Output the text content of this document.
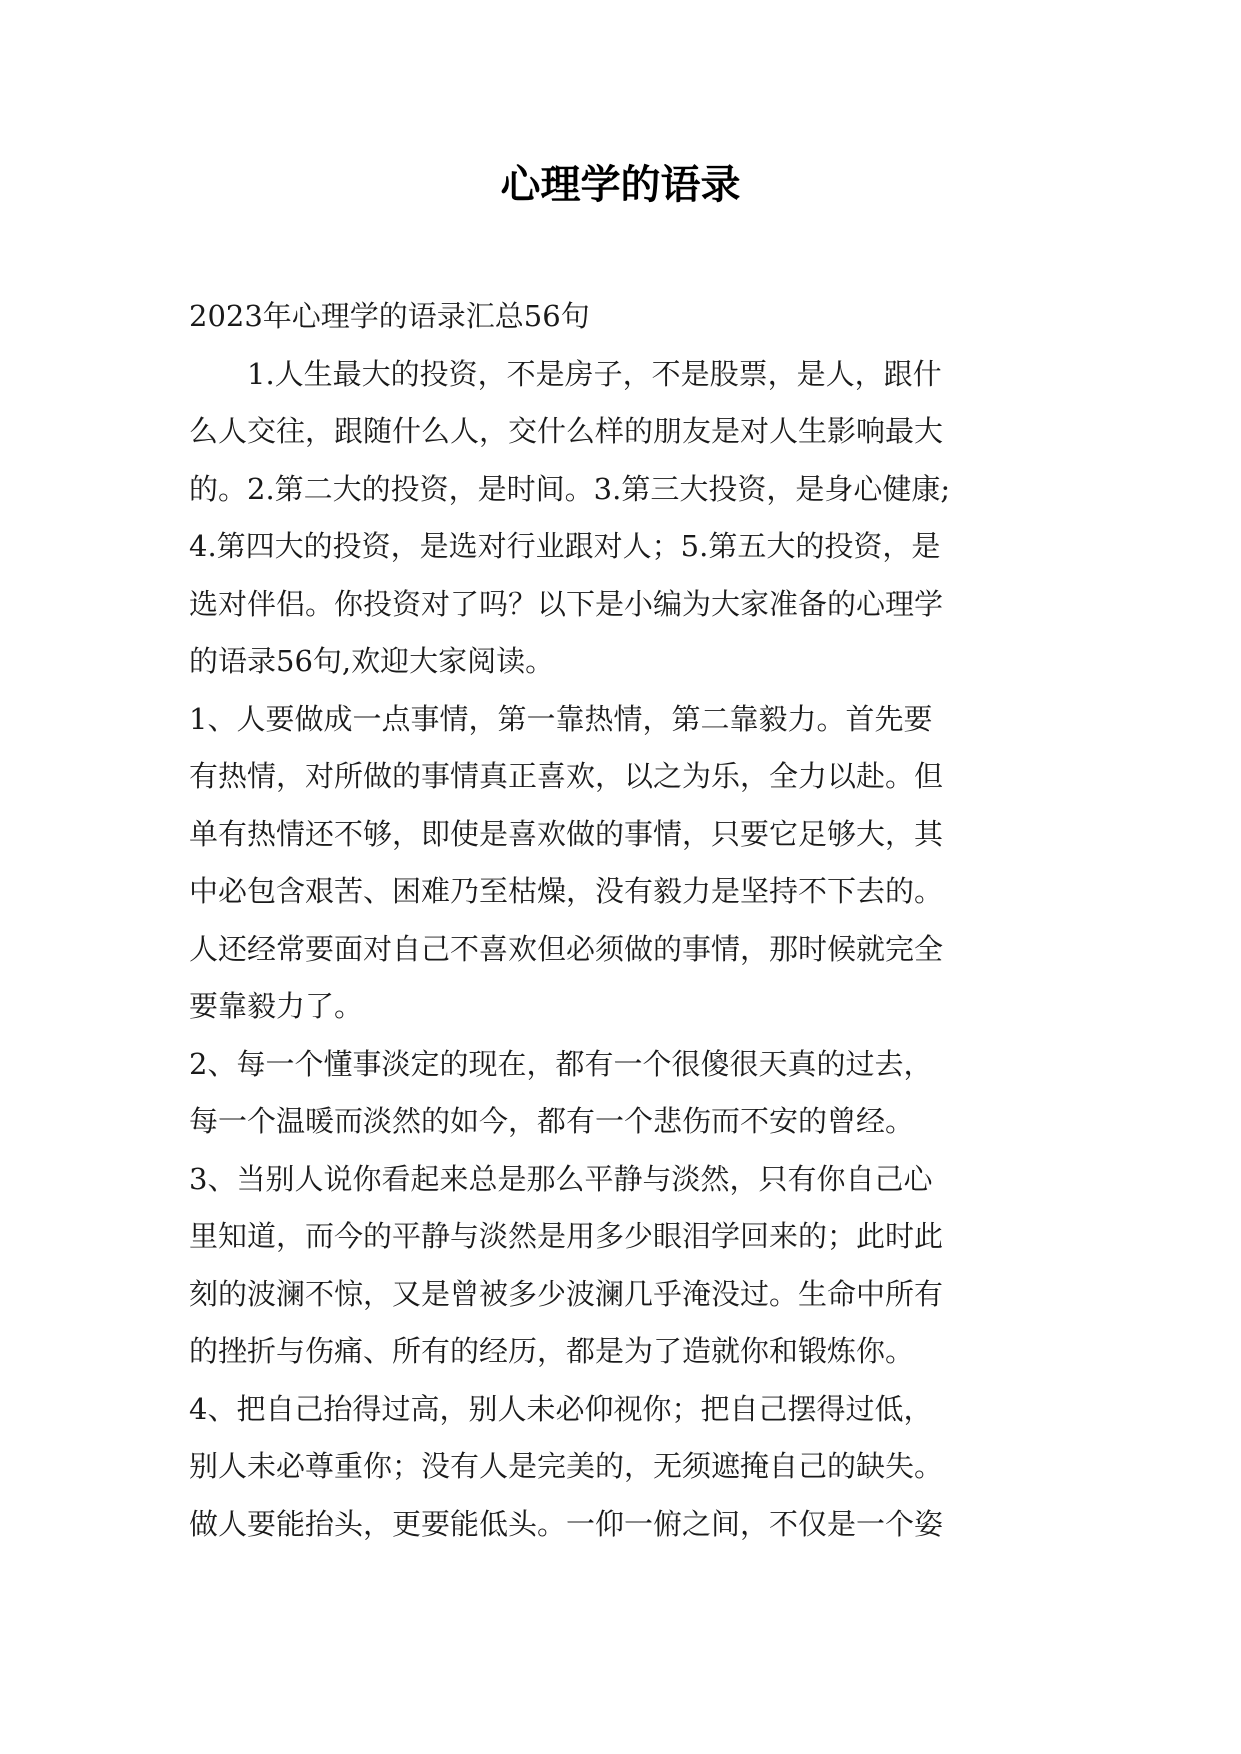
心理学的语录
2023年心理学的语录汇总56句
1.人生最大的投资，不是房子，不是股票，是人，跟什
么人交往，跟随什么人，交什么样的朋友是对人生影响最大
的。2.第二大的投资，是时间。3.第三大投资，是身心健康;
4.第四大的投资，是选对行业跟对人；5.第五大的投资，是
选对伴侣。你投资对了吗？以下是小编为大家准备的心理学
的语录56句,欢迎大家阅读。
1、人要做成一点事情，第一靠热情，第二靠毅力。首先要
有热情，对所做的事情真正喜欢，以之为乐，全力以赴。但
单有热情还不够，即使是喜欢做的事情，只要它足够大，其
中必包含艰苦、困难乃至枯燥，没有毅力是坚持不下去的。
人还经常要面对自己不喜欢但必须做的事情，那时候就完全
要靠毅力了。
2、每一个懂事淡定的现在，都有一个很傻很天真的过去，
每一个温暖而淡然的如今，都有一个悲伤而不安的曾经。
3、当别人说你看起来总是那么平静与淡然，只有你自己心
里知道，而今的平静与淡然是用多少眼泪学回来的；此时此
刻的波澜不惊，又是曾被多少波澜几乎淹没过。生命中所有
的挫折与伤痛、所有的经历，都是为了造就你和锻炼你。
4、把自己抬得过高，别人未必仰视你；把自己摆得过低，
别人未必尊重你；没有人是完美的，无须遮掩自己的缺失。
做人要能抬头，更要能低头。一仰一俯之间，不仅是一个姿
